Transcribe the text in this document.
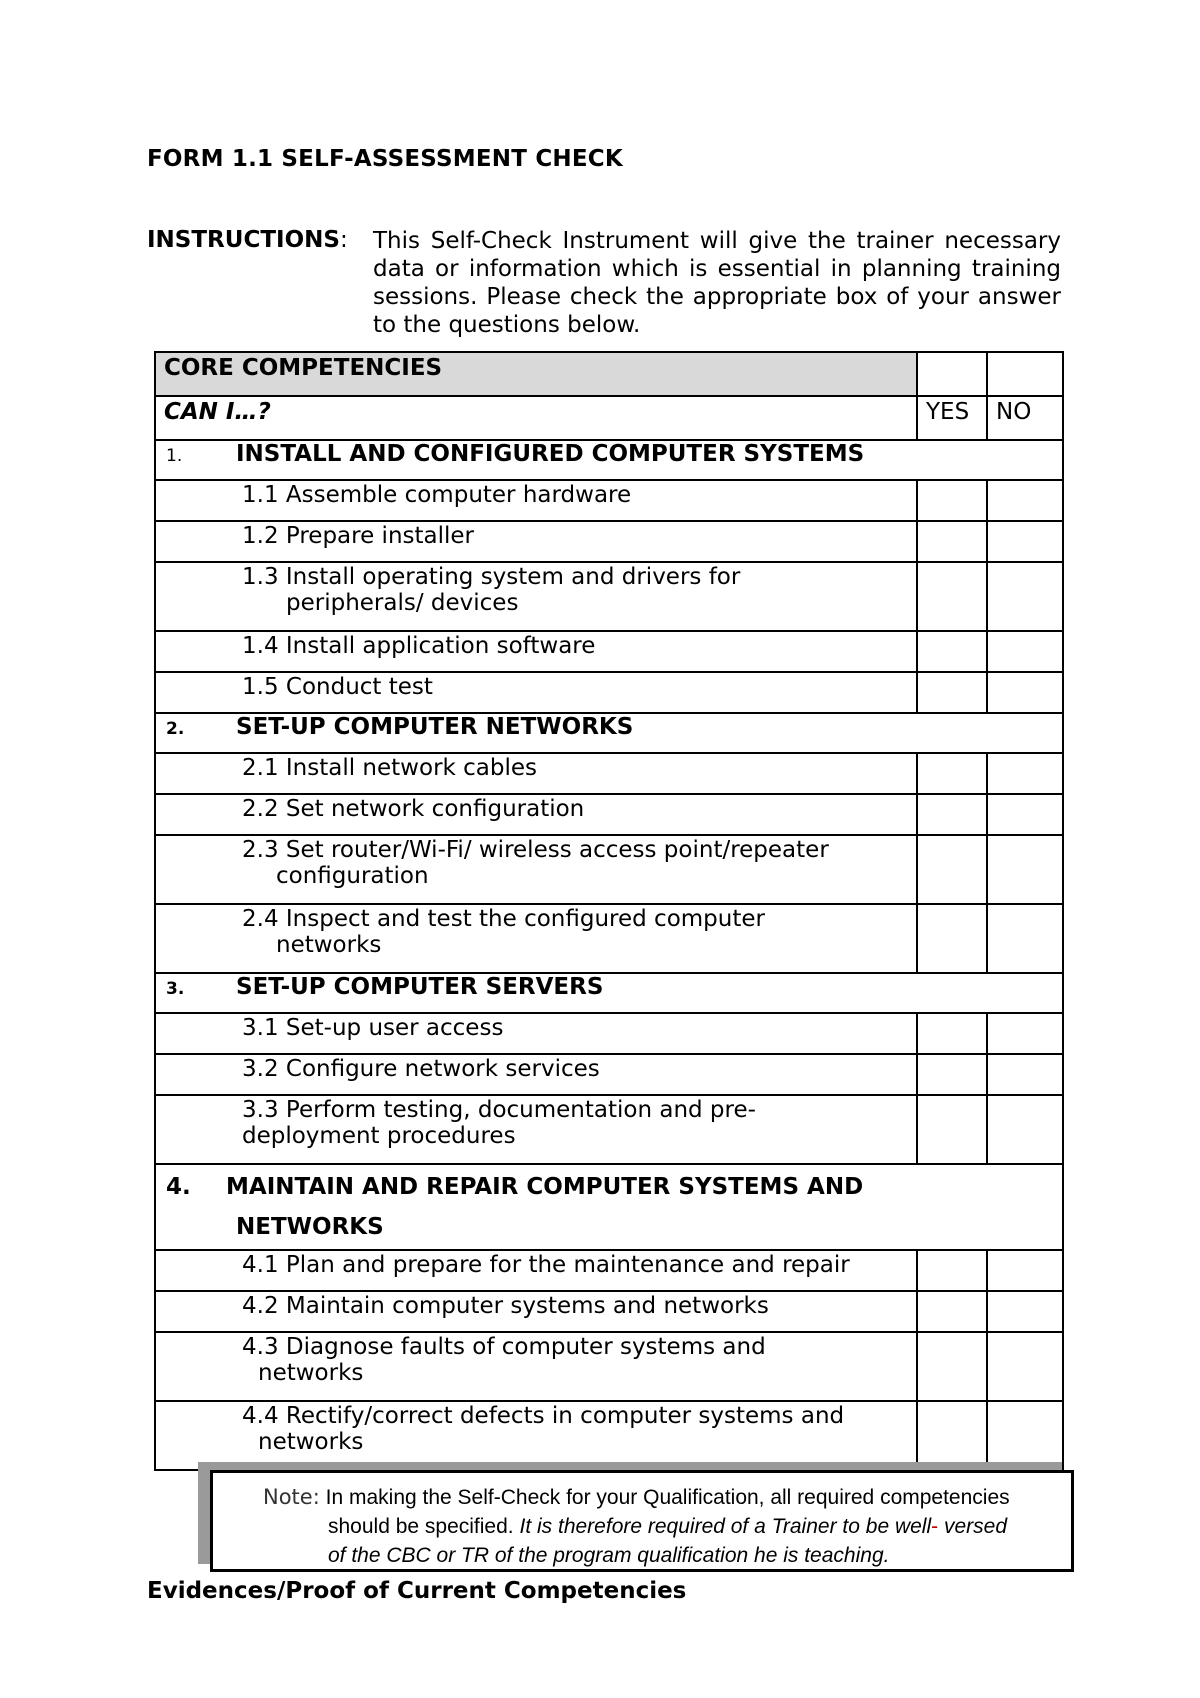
FORM 1.1 SELF-ASSESSMENT CHECK
INSTRUCTIONS: This Self-Check Instrument will give the trainer necessary data or information which is essential in planning training sessions. Please check the appropriate box of your answer to the questions below.
CORE COMPETENCIES		
CAN I…?	YES	NO
1. INSTALL AND CONFIGURED COMPUTER SYSTEMS		
1.1 Assemble computer hardware		
1.2 Prepare installer		

1.3 Install operating system and drivers for
peripherals/ devices		

1.4 Install application software		
1.5 Conduct test		
2. SET-UP COMPUTER NETWORKS		
2.1 Install network cables		
2.2 Set network configuration		

2.3 Set router/Wi-Fi/ wireless access point/repeater
configuration		

2.4 Inspect and test the configured computer
networks		

3. SET-UP COMPUTER SERVERS		
3.1 Set-up user access		
3.2 Configure network services		

3.3 Perform testing, documentation and pre-
deployment procedures		

4. MAINTAIN AND REPAIR COMPUTER SYSTEMS AND
NETWORKS		
4.1 Plan and prepare for the maintenance and repair		
4.2 Maintain computer systems and networks		

4.3 Diagnose faults of computer systems and
networks		

4.4 Rectify/correct defects in computer systems and
networks		

Note: In making the Self-Check for your Qualification, all required competencies
should be specified. It is therefore required of a Trainer to be well- versed
of the CBC or TR of the program qualification he is teaching.
Evidences/Proof of Current Competencies
